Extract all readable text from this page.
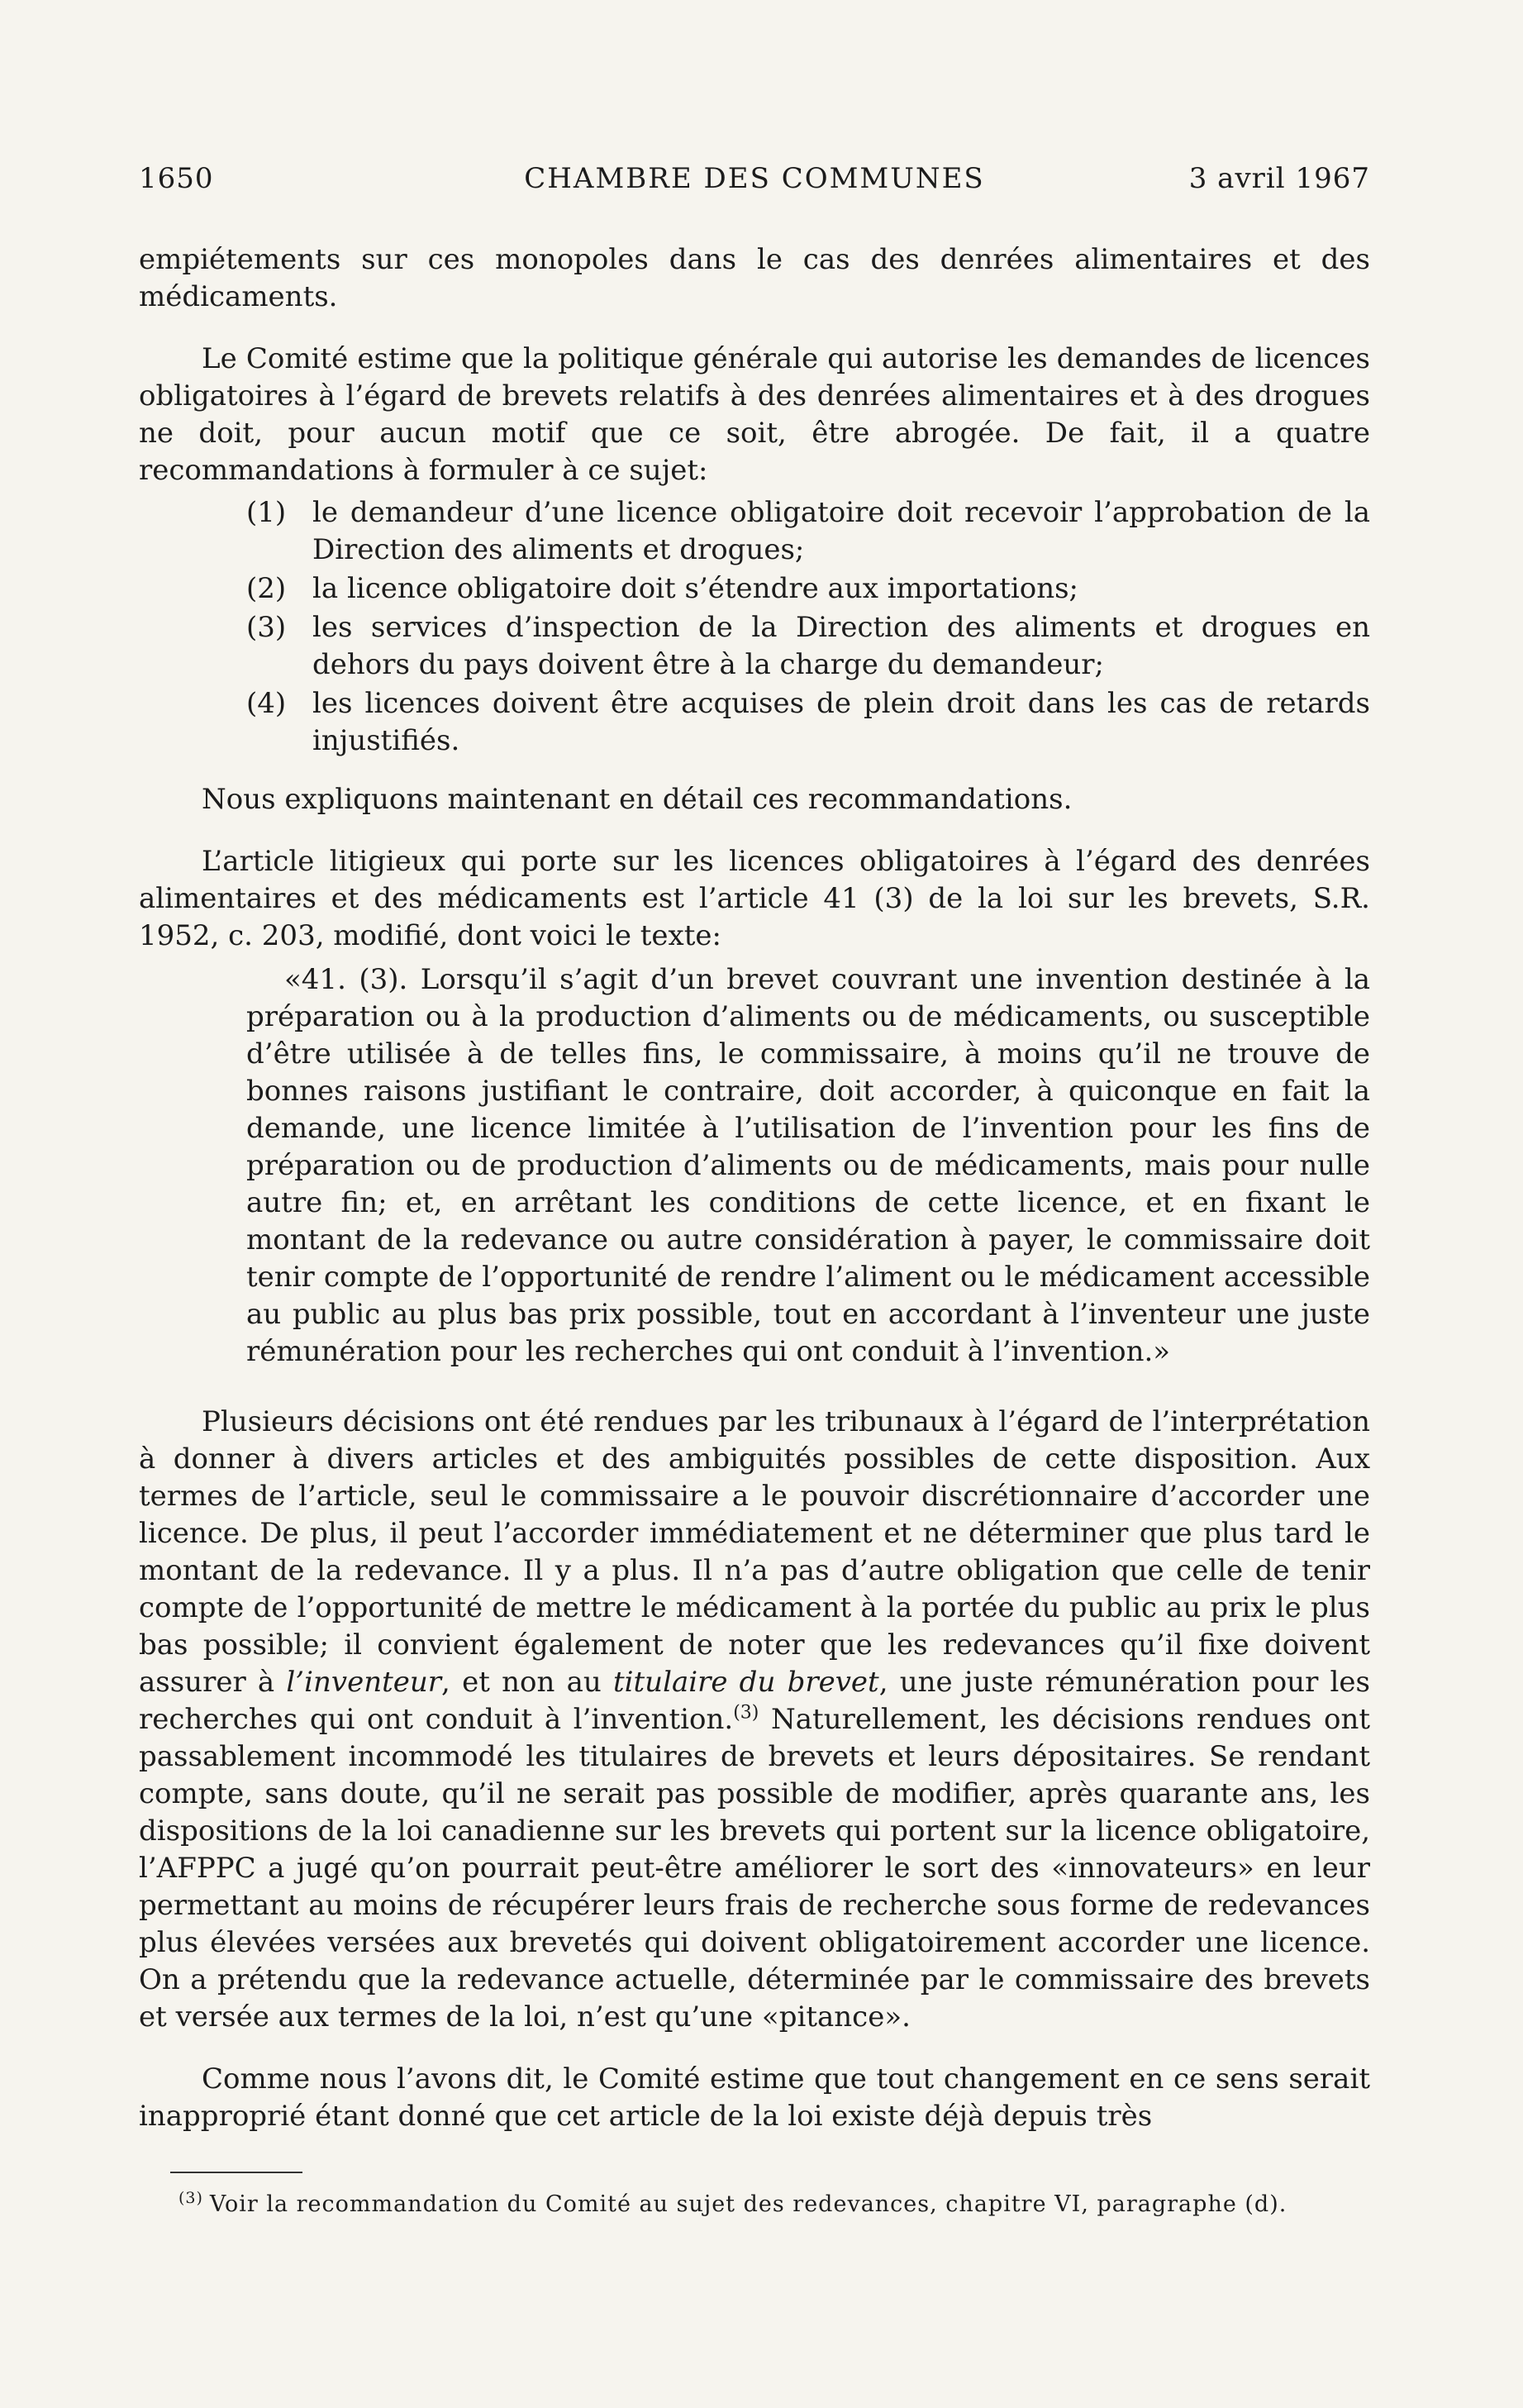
1650	CHAMBRE DES COMMUNES	3 avril 1967

empiétements sur ces monopoles dans le cas des denrées alimentaires et des médicaments.

Le Comité estime que la politique générale qui autorise les demandes de licences obligatoires à l’égard de brevets relatifs à des denrées alimentaires et à des drogues ne doit, pour aucun motif que ce soit, être abrogée. De fait, il a quatre recommandations à formuler à ce sujet:

(1) le demandeur d’une licence obligatoire doit recevoir l’approbation de la Direction des aliments et drogues;
(2) la licence obligatoire doit s’étendre aux importations;
(3) les services d’inspection de la Direction des aliments et drogues en dehors du pays doivent être à la charge du demandeur;
(4) les licences doivent être acquises de plein droit dans les cas de retards injustifiés.

Nous expliquons maintenant en détail ces recommandations.

L’article litigieux qui porte sur les licences obligatoires à l’égard des denrées alimentaires et des médicaments est l’article 41 (3) de la loi sur les brevets, S.R. 1952, c. 203, modifié, dont voici le texte:

«41. (3). Lorsqu’il s’agit d’un brevet couvrant une invention destinée à la préparation ou à la production d’aliments ou de médicaments, ou susceptible d’être utilisée à de telles fins, le commissaire, à moins qu’il ne trouve de bonnes raisons justifiant le contraire, doit accorder, à quiconque en fait la demande, une licence limitée à l’utilisation de l’invention pour les fins de préparation ou de production d’aliments ou de médicaments, mais pour nulle autre fin; et, en arrêtant les conditions de cette licence, et en fixant le montant de la redevance ou autre considération à payer, le commissaire doit tenir compte de l’opportunité de rendre l’aliment ou le médicament accessible au public au plus bas prix possible, tout en accordant à l’inventeur une juste rémunération pour les recherches qui ont conduit à l’invention.»

Plusieurs décisions ont été rendues par les tribunaux à l’égard de l’interprétation à donner à divers articles et des ambiguités possibles de cette disposition. Aux termes de l’article, seul le commissaire a le pouvoir discrétionnaire d’accorder une licence. De plus, il peut l’accorder immédiatement et ne déterminer que plus tard le montant de la redevance. Il y a plus. Il n’a pas d’autre obligation que celle de tenir compte de l’opportunité de mettre le médicament à la portée du public au prix le plus bas possible; il convient également de noter que les redevances qu’il fixe doivent assurer à l’inventeur, et non au titulaire du brevet, une juste rémunération pour les recherches qui ont conduit à l’invention.$^{(3)}$ Naturellement, les décisions rendues ont passablement incommodé les titulaires de brevets et leurs dépositaires. Se rendant compte, sans doute, qu’il ne serait pas possible de modifier, après quarante ans, les dispositions de la loi canadienne sur les brevets qui portent sur la licence obligatoire, l’AFPPC a jugé qu’on pourrait peut-être améliorer le sort des «innovateurs» en leur permettant au moins de récupérer leurs frais de recherche sous forme de redevances plus élevées versées aux brevetés qui doivent obligatoirement accorder une licence. On a prétendu que la redevance actuelle, déterminée par le commissaire des brevets et versée aux termes de la loi, n’est qu’une «pitance».

Comme nous l’avons dit, le Comité estime que tout changement en ce sens serait inapproprié étant donné que cet article de la loi existe déjà depuis très

$^{(3)}$ Voir la recommandation du Comité au sujet des redevances, chapitre VI, paragraphe (d).
